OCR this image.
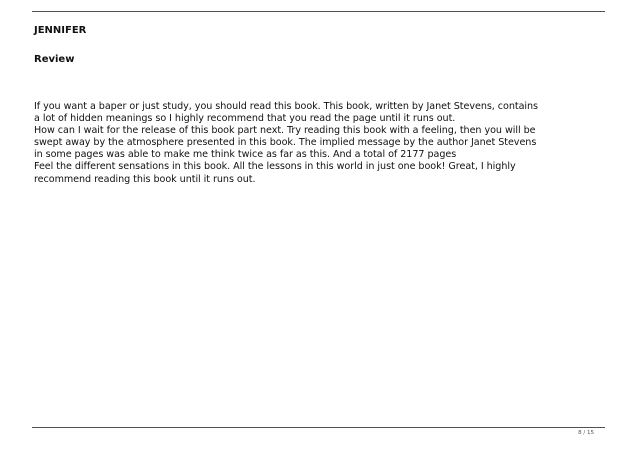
JENNIFER
Review
If you want a baper or just study, you should read this book. This book, written by Janet Stevens, contains
a lot of hidden meanings so I highly recommend that you read the page until it runs out.
How can I wait for the release of this book part next. Try reading this book with a feeling, then you will be
swept away by the atmosphere presented in this book. The implied message by the author Janet Stevens
in some pages was able to make me think twice as far as this. And a total of 2177 pages
Feel the different sensations in this book. All the lessons in this world in just one book! Great, I highly
recommend reading this book until it runs out.
8 / 15
